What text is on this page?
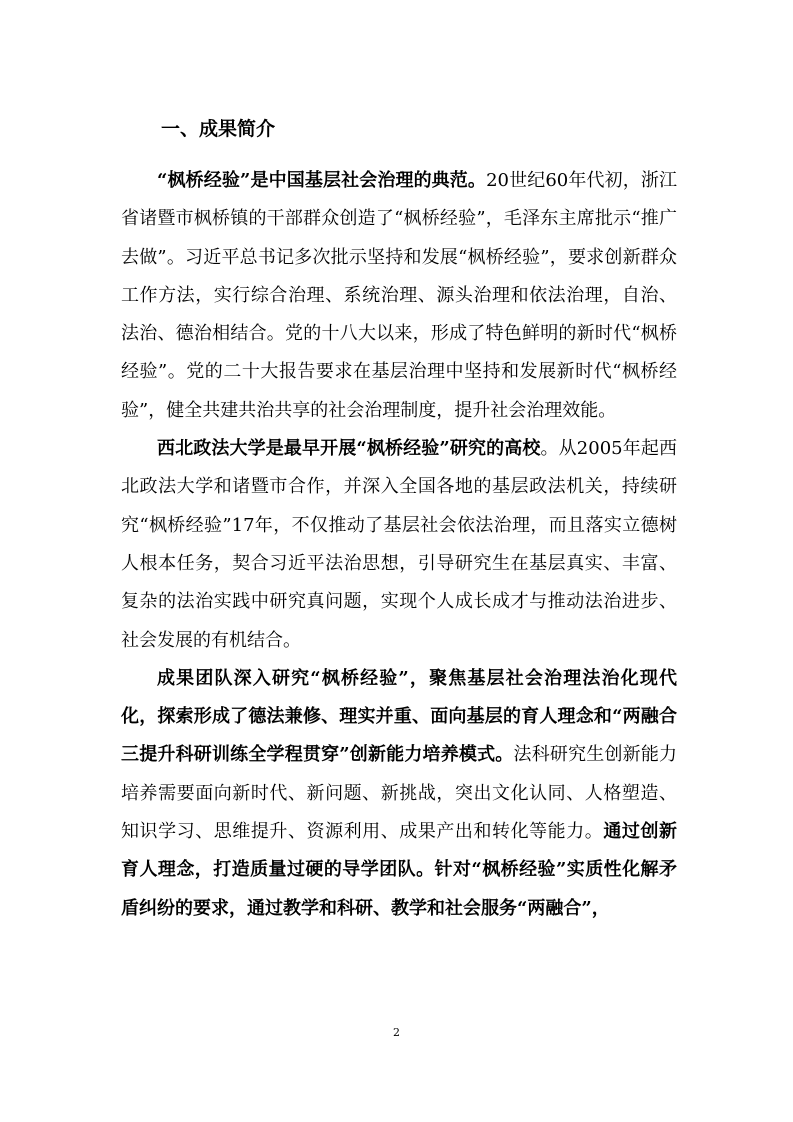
一、成果简介

“枫桥经验”是中国基层社会治理的典范。20世纪60年代初，浙江省诸暨市枫桥镇的干部群众创造了“枫桥经验”，毛泽东主席批示“推广去做”。习近平总书记多次批示坚持和发展“枫桥经验”，要求创新群众工作方法，实行综合治理、系统治理、源头治理和依法治理，自治、法治、德治相结合。党的十八大以来，形成了特色鲜明的新时代“枫桥经验”。党的二十大报告要求在基层治理中坚持和发展新时代“枫桥经验”，健全共建共治共享的社会治理制度，提升社会治理效能。

西北政法大学是最早开展“枫桥经验”研究的高校。从2005年起西北政法大学和诸暨市合作，并深入全国各地的基层政法机关，持续研究“枫桥经验”17年，不仅推动了基层社会依法治理，而且落实立德树人根本任务，契合习近平法治思想，引导研究生在基层真实、丰富、复杂的法治实践中研究真问题，实现个人成长成才与推动法治进步、社会发展的有机结合。

成果团队深入研究“枫桥经验”，聚焦基层社会治理法治化现代化，探索形成了德法兼修、理实并重、面向基层的育人理念和“两融合三提升科研训练全学程贯穿”创新能力培养模式。法科研究生创新能力培养需要面向新时代、新问题、新挑战，突出文化认同、人格塑造、知识学习、思维提升、资源利用、成果产出和转化等能力。通过创新育人理念，打造质量过硬的导学团队。针对“枫桥经验”实质性化解矛盾纠纷的要求，通过教学和科研、教学和社会服务“两融合”，

2
